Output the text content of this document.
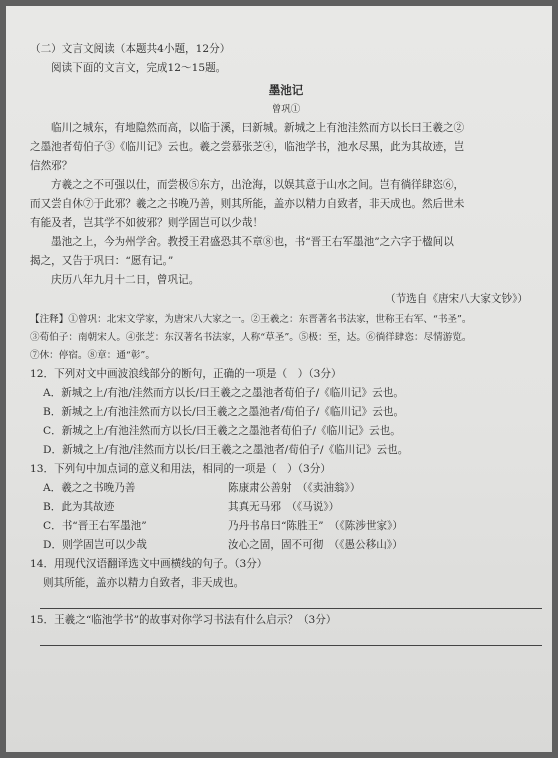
（二）文言文阅读（本题共4小题，12分）
阅读下面的文言文，完成12～15题。
墨池记
曾巩①
临川之城东，有地隐然而高，以临于溪，曰新城。新城之上有池洼然而方以长曰王羲之②
之墨池者荀伯子③《临川记》云也。羲之尝慕张芝④，临池学书，池水尽黑，此为其故迹，岂
信然邪？
方羲之之不可强以仕，而尝极⑤东方，出沧海，以娱其意于山水之间。岂有徜徉肆恣⑥，
而又尝自休⑦于此邪？羲之之书晚乃善，则其所能，盖亦以精力自致者，非天成也。然后世未
有能及者，岂其学不如彼邪？则学固岂可以少哉！
墨池之上，今为州学舍。教授王君盛恐其不章⑧也，书“晋王右军墨池”之六字于楹间以
揭之，又告于巩曰：“愿有记。”
庆历八年九月十二日，曾巩记。
（节选自《唐宋八大家文钞》）
【注释】①曾巩：北宋文学家，为唐宋八大家之一。②王羲之：东晋著名书法家，世称王右军、“书圣”。
③荀伯子：南朝宋人。④张芝：东汉著名书法家，人称“草圣”。⑤极：至，达。⑥徜徉肆恣：尽情游览。
⑦休：停宿。⑧章：通“彰”。
12．下列对文中画波浪线部分的断句，正确的一项是（　）（3分）
A．新城之上/有池/洼然而方以长/曰王羲之之墨池者荀伯子/《临川记》云也。
B．新城之上/有池洼然而方以长/曰王羲之之墨池者/荀伯子/《临川记》云也。
C．新城之上/有池洼然而方以长/曰王羲之之墨池者荀伯子/《临川记》云也。
D．新城之上/有池/洼然而方以长/曰王羲之之墨池者/荀伯子/《临川记》云也。
13．下列句中加点词的意义和用法，相同的一项是（　）（3分）
A．羲之之书晚乃善	陈康肃公善射　（《卖油翁》）
B．此为其故迹	其真无马邪　（《马说》）
C．书“晋王右军墨池”	乃丹书帛曰“陈胜王”　（《陈涉世家》）
D．则学固岂可以少哉	汝心之固，固不可彻　（《愚公移山》）
14．用现代汉语翻译选文中画横线的句子。（3分）
则其所能，盖亦以精力自致者，非天成也。
15．王羲之“临池学书”的故事对你学习书法有什么启示？（3分）
